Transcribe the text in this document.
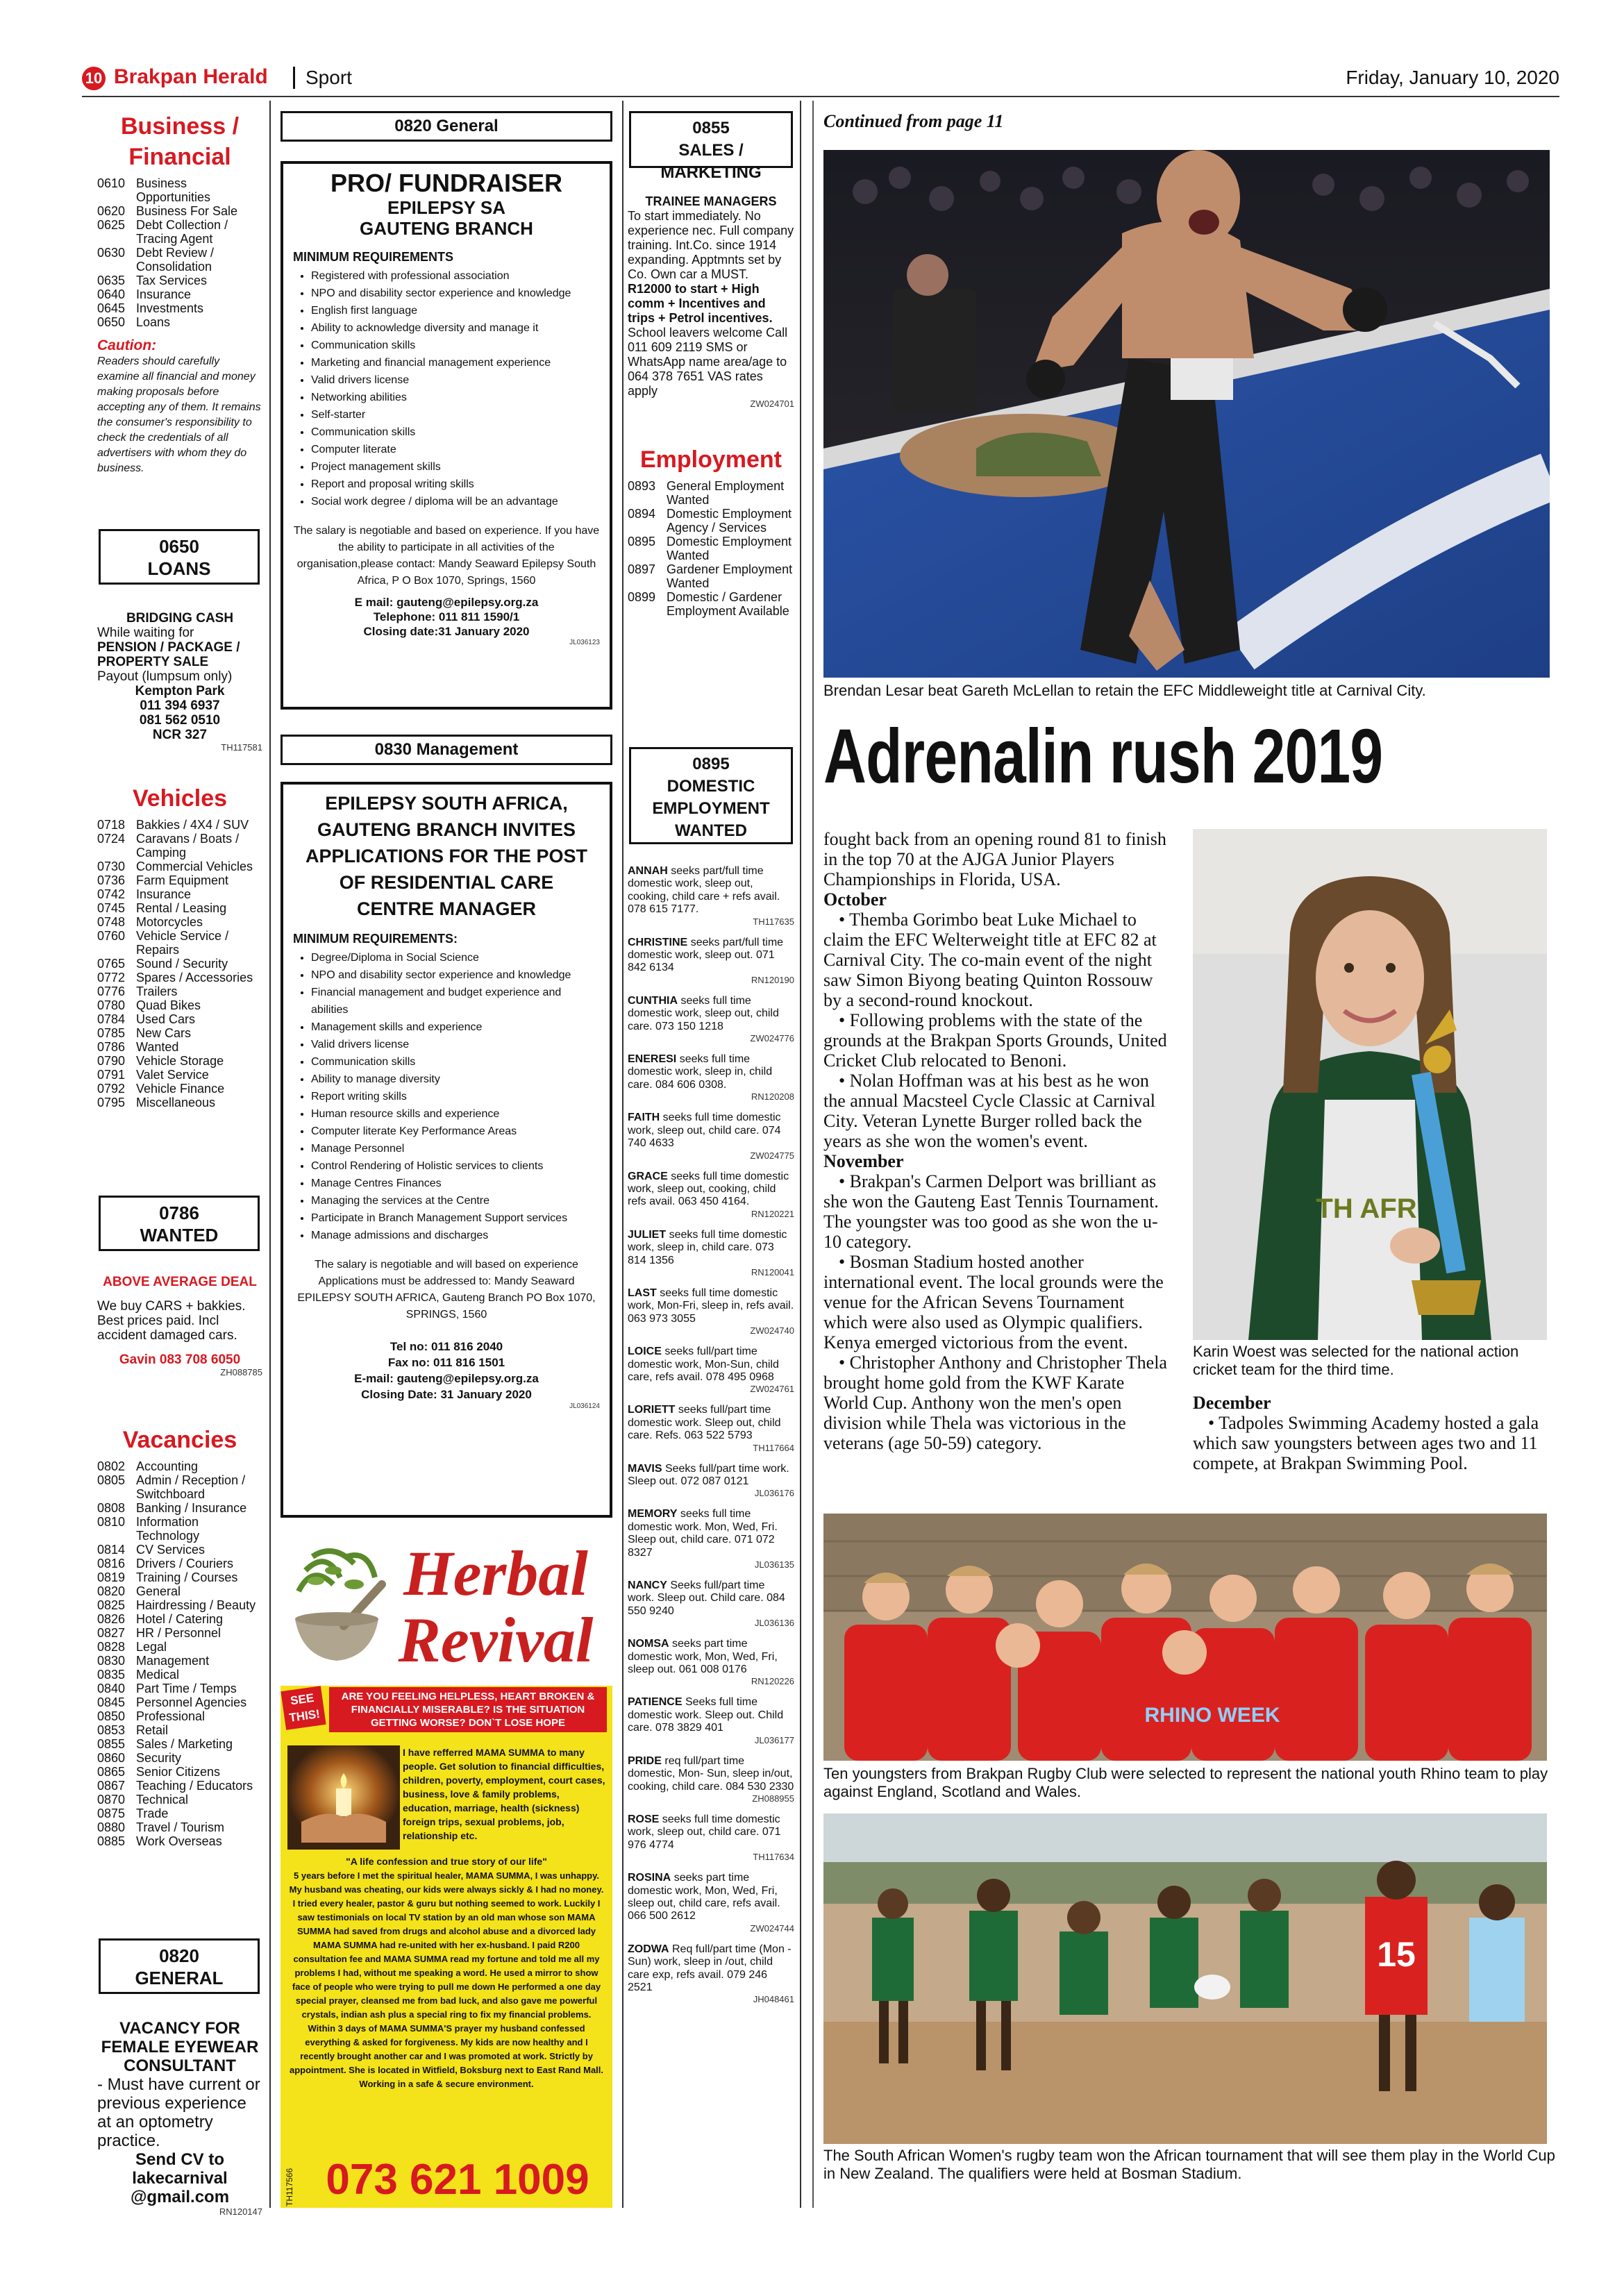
10 Brakpan Herald Sport	Friday, January 10, 2020
Business / Financial
0610 Business Opportunities
0620 Business For Sale
0625 Debt Collection / Tracing Agent
0630 Debt Review / Consolidation
0635 Tax Services
0640 Insurance
0645 Investments
0650 Loans
Caution:
Readers should carefully examine all financial and money making proposals before accepting any of them. It remains the consumer's responsibility to check the credentials of all advertisers with whom they do business.
0650
LOANS
BRIDGING CASH
While waiting for
PENSION / PACKAGE /
PROPERTY SALE
Payout (lumpsum only)
Kempton Park
011 394 6937
081 562 0510
NCR 327
TH117581
Vehicles
0718 Bakkies / 4X4 / SUV
0724 Caravans / Boats / Camping
0730 Commercial Vehicles
0736 Farm Equipment
0742 Insurance
0745 Rental / Leasing
0748 Motorcycles
0760 Vehicle Service / Repairs
0765 Sound / Security
0772 Spares / Accessories
0776 Trailers
0780 Quad Bikes
0784 Used Cars
0785 New Cars
0786 Wanted
0790 Vehicle Storage
0791 Valet Service
0792 Vehicle Finance
0795 Miscellaneous
0786
WANTED
ABOVE AVERAGE DEAL
We buy CARS + bakkies. Best prices paid. Incl accident damaged cars.
Gavin 083 708 6050
ZH088785
Vacancies
0802 Accounting
0805 Admin / Reception / Switchboard
0808 Banking / Insurance
0810 Information Technology
0814 CV Services
0816 Drivers / Couriers
0819 Training / Courses
0820 General
0825 Hairdressing / Beauty
0826 Hotel / Catering
0827 HR / Personnel
0828 Legal
0830 Management
0835 Medical
0840 Part Time / Temps
0845 Personnel Agencies
0850 Professional
0853 Retail
0855 Sales / Marketing
0860 Security
0865 Senior Citizens
0867 Teaching / Educators
0870 Technical
0875 Trade
0880 Travel / Tourism
0885 Work Overseas
0820
GENERAL
VACANCY FOR FEMALE EYEWEAR CONSULTANT
- Must have current or previous experience at an optometry practice.
Send CV to
lakecarnival @gmail.com
RN120147
0820 General
PRO/ FUNDRAISER
EPILEPSY SA
GAUTENG BRANCH
MINIMUM REQUIREMENTS
• Registered with professional association
• NPO and disability sector experience and knowledge
• English first language
• Ability to acknowledge diversity and manage it
• Communication skills
• Marketing and financial management experience
• Valid drivers license
• Networking abilities
• Self-starter
• Communication skills
• Computer literate
• Project management skills
• Report and proposal writing skills
• Social work degree / diploma will be an advantage
The salary is negotiable and based on experience. If you have the ability to participate in all activities of the organisation,please contact: Mandy Seaward Epilepsy South Africa, P O Box 1070, Springs, 1560
E mail: gauteng@epilepsy.org.za
Telephone: 011 811 1590/1
Closing date:31 January 2020
JL036123
0830 Management
EPILEPSY SOUTH AFRICA, GAUTENG BRANCH INVITES APPLICATIONS FOR THE POST OF RESIDENTIAL CARE CENTRE MANAGER
MINIMUM REQUIREMENTS:
• Degree/Diploma in Social Science
• NPO and disability sector experience and knowledge
• Financial management and budget experience and abilities
• Management skills and experience
• Valid drivers license
• Communication skills
• Ability to manage diversity
• Report writing skills
• Human resource skills and experience
• Computer literate Key Performance Areas
• Manage Personnel
• Control Rendering of Holistic services to clients
• Manage Centres Finances
• Managing the services at the Centre
• Participate in Branch Management Support services
• Manage admissions and discharges
The salary is negotiable and will based on experience Applications must be addressed to: Mandy Seaward EPILEPSY SOUTH AFRICA, Gauteng Branch PO Box 1070, SPRINGS, 1560
Tel no: 011 816 2040
Fax no: 011 816 1501
E-mail: gauteng@epilepsy.org.za
Closing Date: 31 January 2020
JL036124
Herbal
Revival
SEE THIS!
ARE YOU FEELING HELPLESS, HEART BROKEN & FINANCIALLY MISERABLE? IS THE SITUATION GETTING WORSE? DON`T LOSE HOPE
I have refferred MAMA SUMMA to many people. Get solution to financial difficulties, children, poverty, employment, court cases, business, love & family problems, education, marriage, health (sickness) foreign trips, sexual problems, job, relationship etc.
"A life confession and true story of our life"
5 years before I met the spiritual healer, MAMA SUMMA, I was unhappy. My husband was cheating, our kids were always sickly & I had no money. I tried every healer, pastor & guru but nothing seemed to work. Luckily I saw testimonials on local TV station by an old man whose son MAMA SUMMA had saved from drugs and alcohol abuse and a divorced lady MAMA SUMMA had re-united with her ex-husband. I paid R200 consultation fee and MAMA SUMMA read my fortune and told me all my problems I had, without me speaking a word. He used a mirror to show face of people who were trying to pull me down He performed a one day special prayer, cleansed me from bad luck, and also gave me powerful crystals, indian ash plus a special ring to fix my financial problems. Within 3 days of MAMA SUMMA'S prayer my husband confessed everything & asked for forgiveness. My kids are now healthy and I recently brought another car and I was promoted at work. Strictly by appointment. She is located in Witfield, Boksburg next to East Rand Mall. Working in a safe & secure environment.
TH117566 073 621 1009
0855
SALES / MARKETING
TRAINEE MANAGERS
To start immediately. No experience nec. Full company training. Int.Co. since 1914 expanding. Apptmnts set by Co. Own car a MUST.
R12000 to start + High comm + Incentives and trips + Petrol incentives.
School leavers welcome Call 011 609 2119 SMS or WhatsApp name area/age to 064 378 7651 VAS rates apply
ZW024701
Employment
0893 General Employment Wanted
0894 Domestic Employment Agency / Services
0895 Domestic Employment Wanted
0897 Gardener Employment Wanted
0899 Domestic / Gardener Employment Available
0895
DOMESTIC EMPLOYMENT WANTED
ANNAH seeks part/full time domestic work, sleep out, cooking, child care + refs avail. 078 615 7177.
TH117635
CHRISTINE seeks part/full time domestic work, sleep out. 071 842 6134
RN120190
CUNTHIA seeks full time domestic work, sleep out, child care. 073 150 1218
ZW024776
ENERESI seeks full time domestic work, sleep in, child care. 084 606 0308.
RN120208
FAITH seeks full time domestic work, sleep out, child care. 074 740 4633
ZW024775
GRACE seeks full time domestic work, sleep out, cooking, child refs avail. 063 450 4164.
RN120221
JULIET seeks full time domestic work, sleep in, child care. 073 814 1356
RN120041
LAST seeks full time domestic work, Mon-Fri, sleep in, refs avail. 063 973 3055
ZW024740
LOICE seeks full/part time domestic work, Mon-Sun, child care, refs avail. 078 495 0968
ZW024761
LORIETT seeks full/part time domestic work. Sleep out, child care. Refs. 063 522 5793
TH117664
MAVIS Seeks full/part time work. Sleep out. 072 087 0121
JL036176
MEMORY seeks full time domestic work. Mon, Wed, Fri. Sleep out, child care. 071 072 8327
JL036135
NANCY Seeks full/part time work. Sleep out. Child care. 084 550 9240
JL036136
NOMSA seeks part time domestic work, Mon, Wed, Fri, sleep out. 061 008 0176
RN120226
PATIENCE Seeks full time domestic work. Sleep out. Child care. 078 3829 401
JL036177
PRIDE req full/part time domestic, Mon- Sun, sleep in/out, cooking, child care. 084 530 2330
ZH088955
ROSE seeks full time domestic work, sleep out, child care. 071 976 4774
TH117634
ROSINA seeks part time domestic work, Mon, Wed, Fri, sleep out, child care, refs avail. 066 500 2612
ZW024744
ZODWA Req full/part time (Mon - Sun) work, sleep in /out, child care exp, refs avail. 079 246 2521
JH048461
Continued from page 11
Brendan Lesar beat Gareth McLellan to retain the EFC Middleweight title at Carnival City.
Adrenalin rush 2019

fought back from an opening round 81 to finish in the top 70 at the AJGA Junior Players Championships in Florida, USA.

October

• Themba Gorimbo beat Luke Michael to claim the EFC Welterweight title at EFC 82 at Carnival City. The co-main event of the night saw Simon Biyong beating Quinton Rossouw by a second-round knockout.

• Following problems with the state of the grounds at the Brakpan Sports Grounds, United Cricket Club relocated to Benoni.

• Nolan Hoffman was at his best as he won the annual Macsteel Cycle Classic at Carnival City. Veteran Lynette Burger rolled back the years as she won the women's event.

November

• Brakpan's Carmen Delport was brilliant as she won the Gauteng East Tennis Tournament. The youngster was too good as she won the u-10 category.

• Bosman Stadium hosted another international event. The local grounds were the venue for the African Sevens Tournament which were also used as Olympic qualifiers. Kenya emerged victorious from the event.

• Christopher Anthony and Christopher Thela brought home gold from the KWF Karate World Cup. Anthony won the men's open division while Thela was victorious in the veterans (age 50-59) category.

TH AFR
Karin Woest was selected for the national action cricket team for the third time.

December

• Tadpoles Swimming Academy hosted a gala which saw youngsters between ages two and 11 compete, at Brakpan Swimming Pool.

RHINO WEEK
Ten youngsters from Brakpan Rugby Club were selected to represent the national youth Rhino team to play against England, Scotland and Wales.
15
The South African Women's rugby team won the African tournament that will see them play in the World Cup in New Zealand. The qualifiers were held at Bosman Stadium.
